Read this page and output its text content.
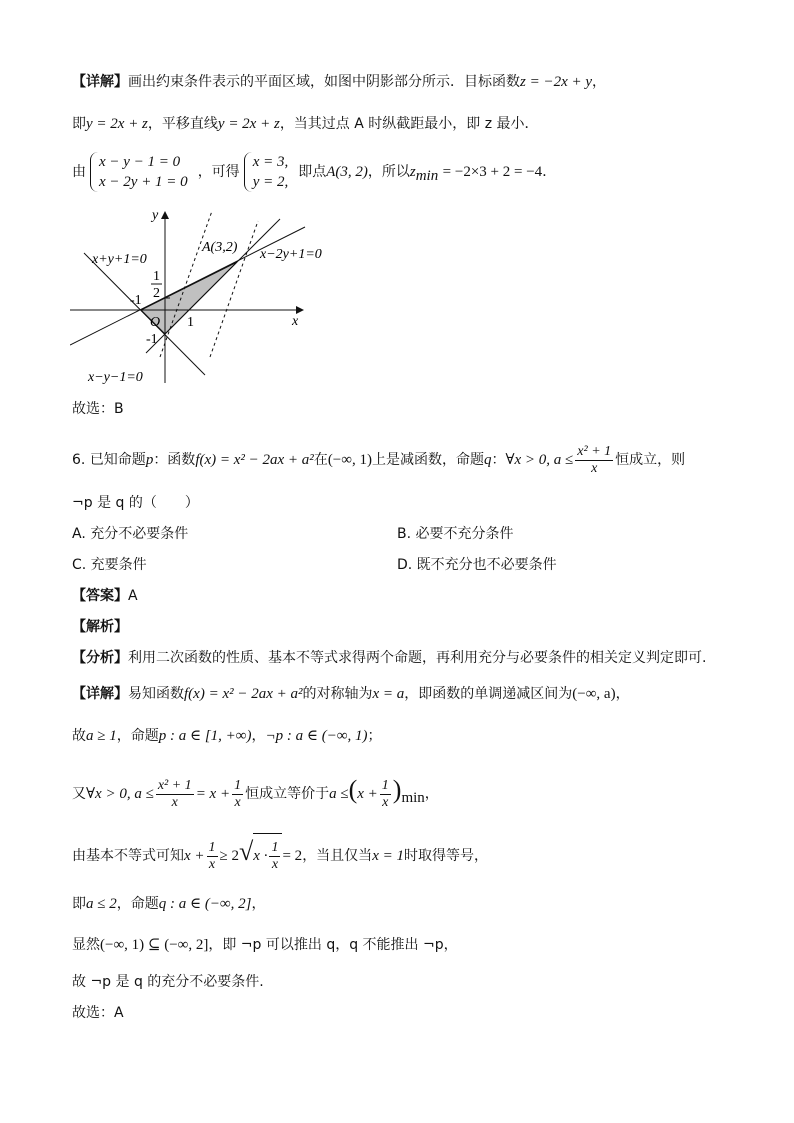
【详解】画出约束条件表示的平面区域，如图中阴影部分所示．目标函数z = −2x + y，
即y = 2x + z，平移直线y = 2x + z，当其过点 A 时纵截距最小，即 z 最小．
由
x − y − 1 = 0
x − 2y + 1 = 0
，可得
x = 3,
y = 2,
即点A(3, 2)，所以$z_{min} = -2\times 3 + 2 = -4$．
y
x
x+y+1=0	x−2y+1=0
x−y−1=0
A(3,2)
O 1
-1
-1
1
2
故选：B
6. 已知命题p：函数f(x) = x² − 2ax + a²在(−∞, 1)上是减函数，命题q：∀x > 0, $a \le \frac{\text{x² + 1}}{x}$ 恒成立，则
¬p 是 q 的（　　）
A. 充分不必要条件	B. 必要不充分条件
C. 充要条件	D. 既不充分也不必要条件
【答案】A
【解析】
【分析】利用二次函数的性质、基本不等式求得两个命题，再利用充分与必要条件的相关定义判定即可.
【详解】易知函数f(x) = x² − 2ax + a²的对称轴为x = a，即函数的单调递减区间为(−∞, a)，
故a ≥ 1，命题p : a ∈ [1, +∞)，¬p : a ∈ (−∞, 1)；
又∀x > 0, $a \le \frac{\text{x² + 1}}{x} = x + \frac{1}{x}$ 恒成立等价于$a \le(x + \frac{1}{x} )_{min}$，
由基本不等式可知$x + \frac{1}{x} \ge 2√x \cdot \frac{1}{x} = 2$，当且仅当x = 1时取得等号，
即a ≤ 2，命题q : a ∈ (−∞, 2]，
显然(−∞, 1) ⊆ (−∞, 2]，即 ¬p 可以推出 q，q 不能推出 ¬p，
故 ¬p 是 q 的充分不必要条件.
故选：A
